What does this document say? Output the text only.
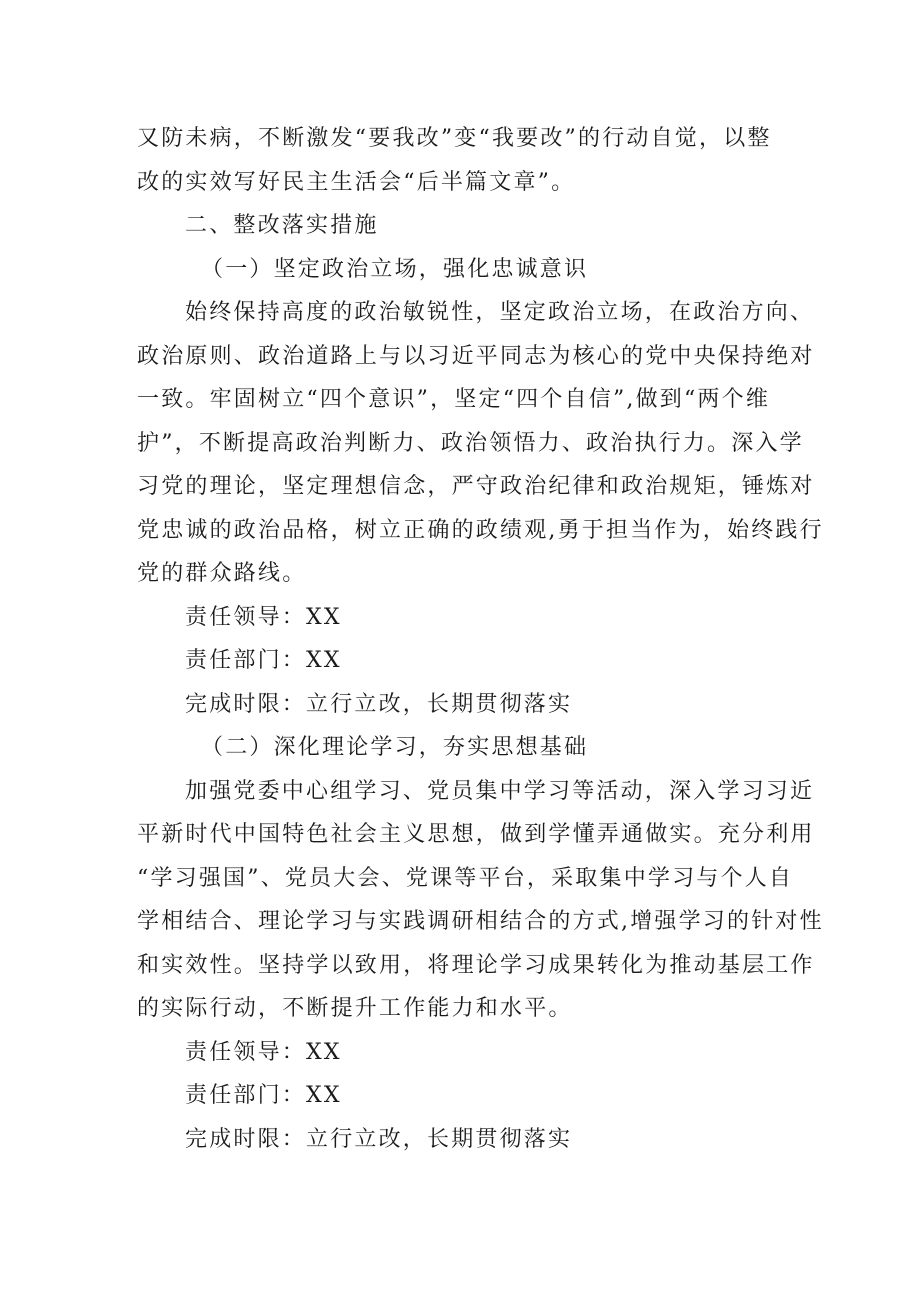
又防未病，不断激发“要我改”变“我要改”的行动自觉，以整
改的实效写好民主生活会“后半篇文章”。
二、整改落实措施
（一）坚定政治立场，强化忠诚意识
始终保持高度的政治敏锐性，坚定政治立场，在政治方向、
政治原则、政治道路上与以习近平同志为核心的党中央保持绝对
一致。牢固树立“四个意识”，坚定“四个自信”,做到“两个维
护”，不断提高政治判断力、政治领悟力、政治执行力。深入学
习党的理论，坚定理想信念，严守政治纪律和政治规矩，锤炼对
党忠诚的政治品格，树立正确的政绩观,勇于担当作为，始终践行
党的群众路线。
责任领导：XX
责任部门：XX
完成时限：立行立改，长期贯彻落实
（二）深化理论学习，夯实思想基础
加强党委中心组学习、党员集中学习等活动，深入学习习近
平新时代中国特色社会主义思想，做到学懂弄通做实。充分利用
“学习强国”、党员大会、党课等平台，采取集中学习与个人自
学相结合、理论学习与实践调研相结合的方式,增强学习的针对性
和实效性。坚持学以致用，将理论学习成果转化为推动基层工作
的实际行动，不断提升工作能力和水平。
责任领导：XX
责任部门：XX
完成时限：立行立改，长期贯彻落实
